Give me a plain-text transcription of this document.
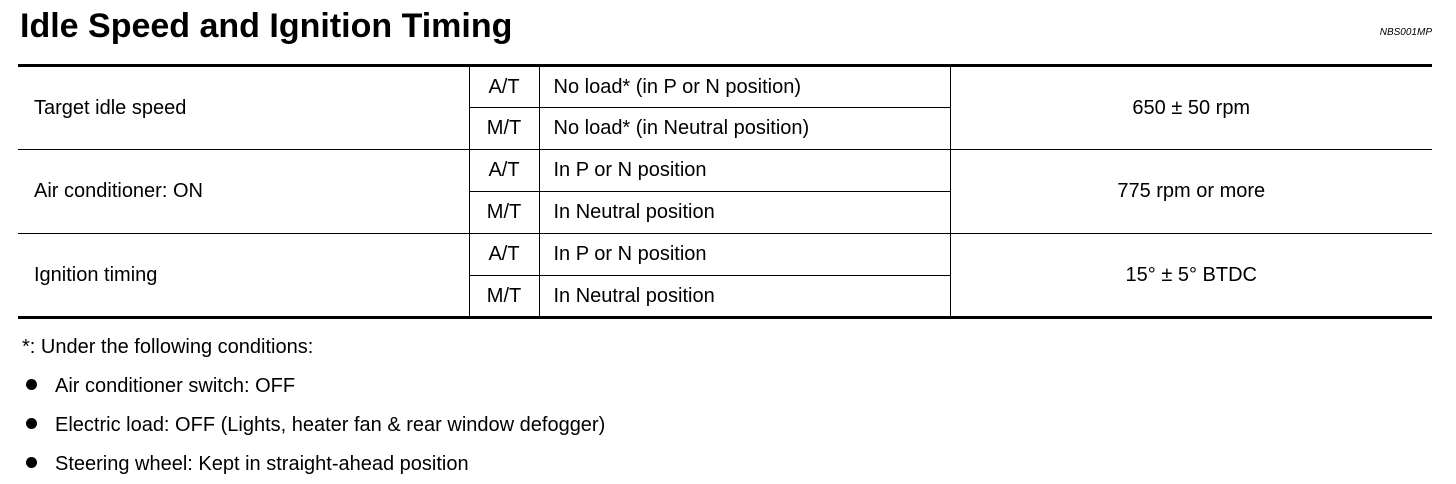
Idle Speed and Ignition Timing	NBS001MP
Target idle speed	A/T	No load* (in P or N position)	650 ± 50 rpm
	M/T	No load* (in Neutral position)	
Air conditioner: ON	A/T	In P or N position	775 rpm or more
	M/T	In Neutral position	
Ignition timing	A/T	In P or N position	15° ± 5° BTDC
	M/T	In Neutral position	
*: Under the following conditions:
Air conditioner switch: OFF
Electric load: OFF (Lights, heater fan & rear window defogger)
Steering wheel: Kept in straight-ahead position
